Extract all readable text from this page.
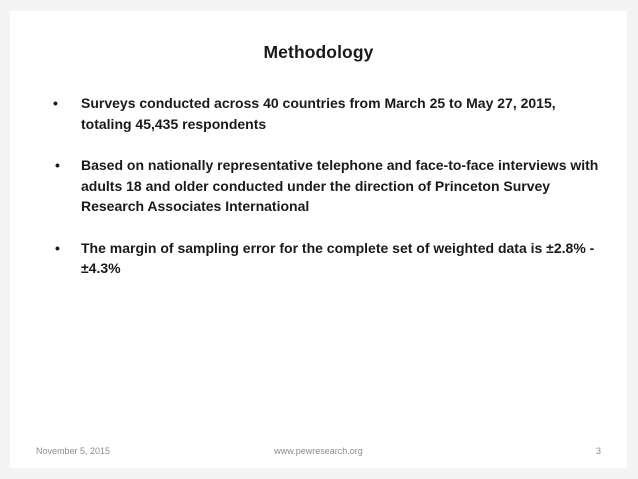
Methodology
• Surveys conducted across 40 countries from March 25 to May 27, 2015, totaling 45,435 respondents
• Based on nationally representative telephone and face-to-face interviews with adults 18 and older conducted under the direction of Princeton Survey Research Associates International
• The margin of sampling error for the complete set of weighted data is ±2.8% - ±4.3%
November 5, 2015	www.pewresearch.org	3
